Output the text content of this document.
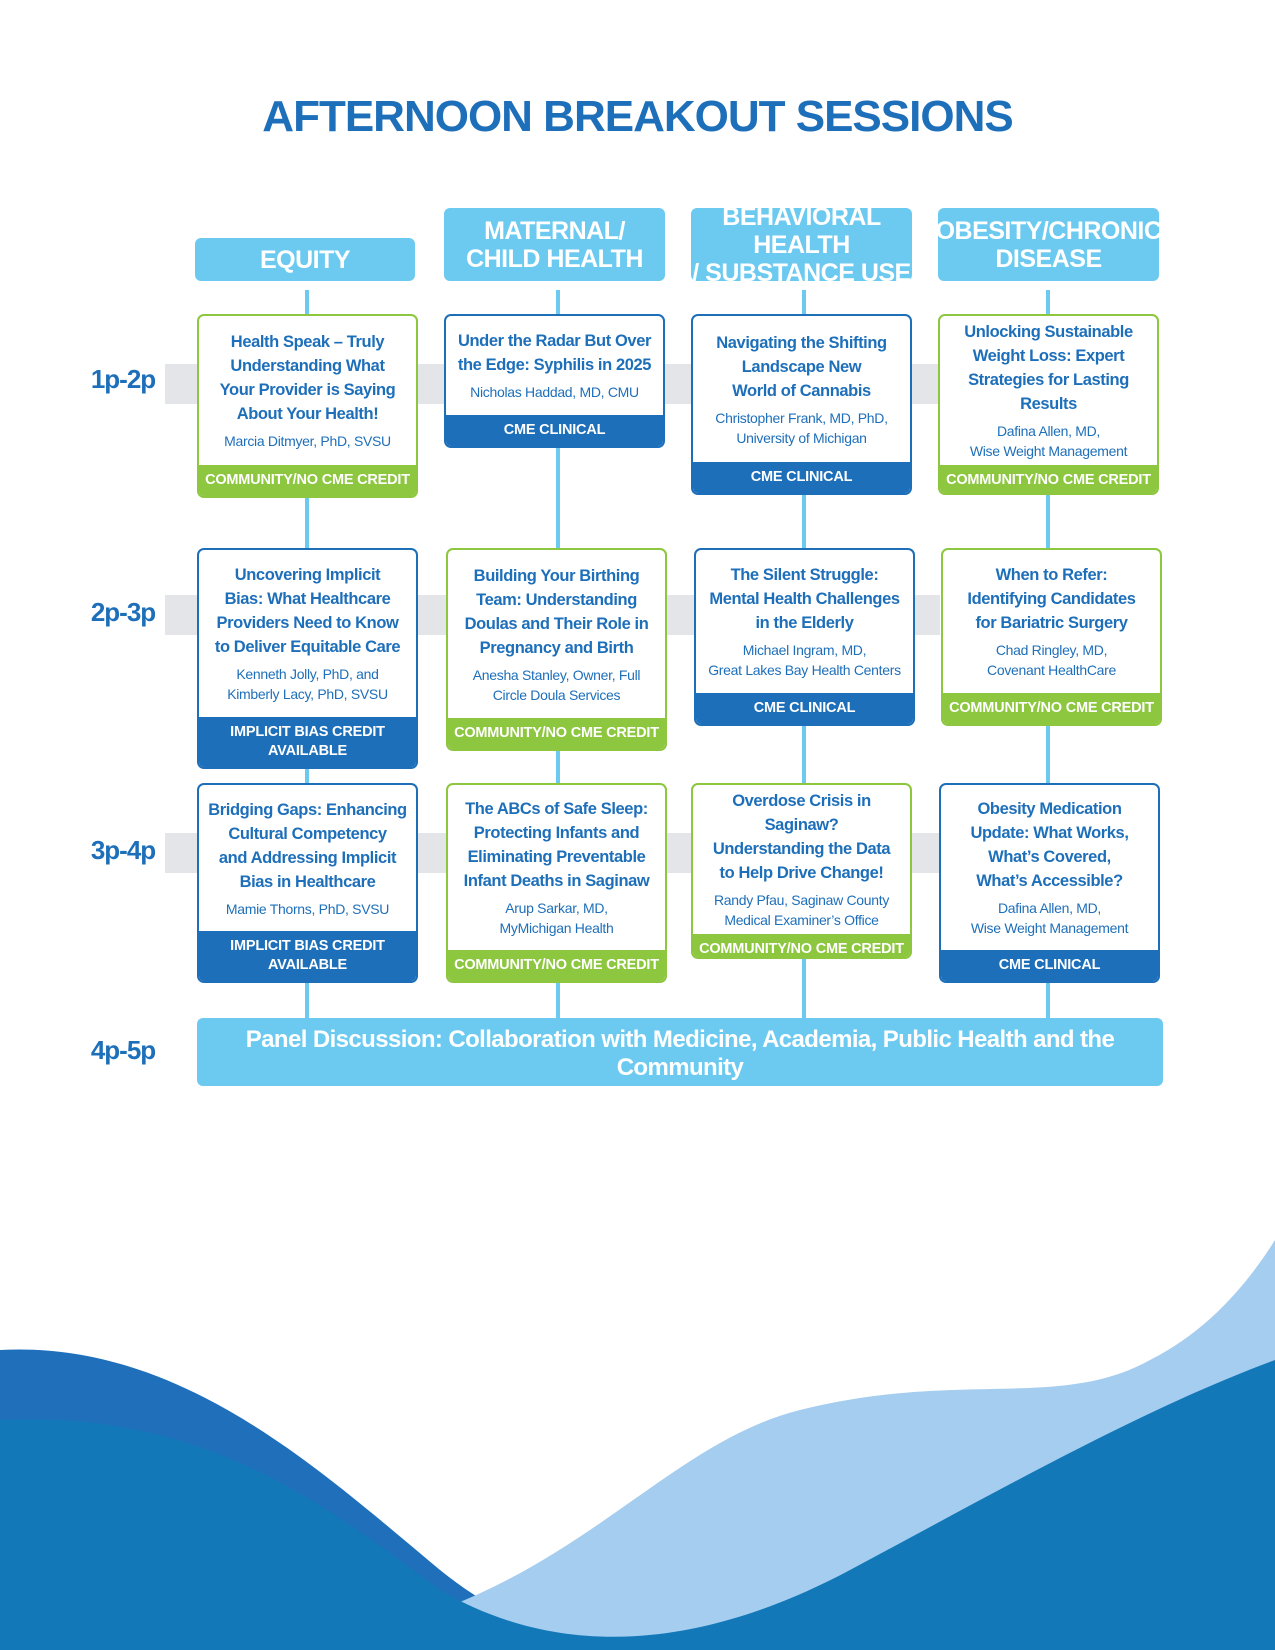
AFTERNOON BREAKOUT SESSIONS
EQUITY
MATERNAL/
CHILD HEALTH
BEHAVIORAL HEALTH
/ SUBSTANCE USE
OBESITY/CHRONIC
DISEASE
1p-2p
2p-3p
3p-4p
4p-5p
Health Speak – Truly
Understanding What
Your Provider is Saying
About Your Health!
Marcia Ditmyer, PhD, SVSU
COMMUNITY/NO CME CREDIT
Under the Radar But Over
the Edge: Syphilis in 2025
Nicholas Haddad, MD, CMU
CME CLINICAL
Navigating the Shifting
Landscape New
World of Cannabis
Christopher Frank, MD, PhD,
University of Michigan
CME CLINICAL
Unlocking Sustainable
Weight Loss: Expert
Strategies for Lasting Results
Dafina Allen, MD,
Wise Weight Management
COMMUNITY/NO CME CREDIT
Uncovering Implicit
Bias: What Healthcare
Providers Need to Know
to Deliver Equitable Care
Kenneth Jolly, PhD, and
Kimberly Lacy, PhD, SVSU
IMPLICIT BIAS CREDIT
AVAILABLE
Building Your Birthing
Team: Understanding
Doulas and Their Role in
Pregnancy and Birth
Anesha Stanley, Owner, Full
Circle Doula Services
COMMUNITY/NO CME CREDIT
The Silent Struggle:
Mental Health Challenges
in the Elderly
Michael Ingram, MD,
Great Lakes Bay Health Centers
CME CLINICAL
When to Refer:
Identifying Candidates
for Bariatric Surgery
Chad Ringley, MD,
Covenant HealthCare
COMMUNITY/NO CME CREDIT
Bridging Gaps: Enhancing
Cultural Competency
and Addressing Implicit
Bias in Healthcare
Mamie Thorns, PhD, SVSU
IMPLICIT BIAS CREDIT
AVAILABLE
The ABCs of Safe Sleep:
Protecting Infants and
Eliminating Preventable
Infant Deaths in Saginaw
Arup Sarkar, MD,
MyMichigan Health
COMMUNITY/NO CME CREDIT
Overdose Crisis in Saginaw?
Understanding the Data
to Help Drive Change!
Randy Pfau, Saginaw County
Medical Examiner’s Office
COMMUNITY/NO CME CREDIT
Obesity Medication
Update: What Works,
What’s Covered,
What’s Accessible?
Dafina Allen, MD,
Wise Weight Management
CME CLINICAL
Panel Discussion: Collaboration with Medicine, Academia, Public Health and the Community
Samual Shaheen, MD, Steven Vance, MD, Christina Harrington, MPH, Sandra Lindsey, MSW, and Joyce Seals
